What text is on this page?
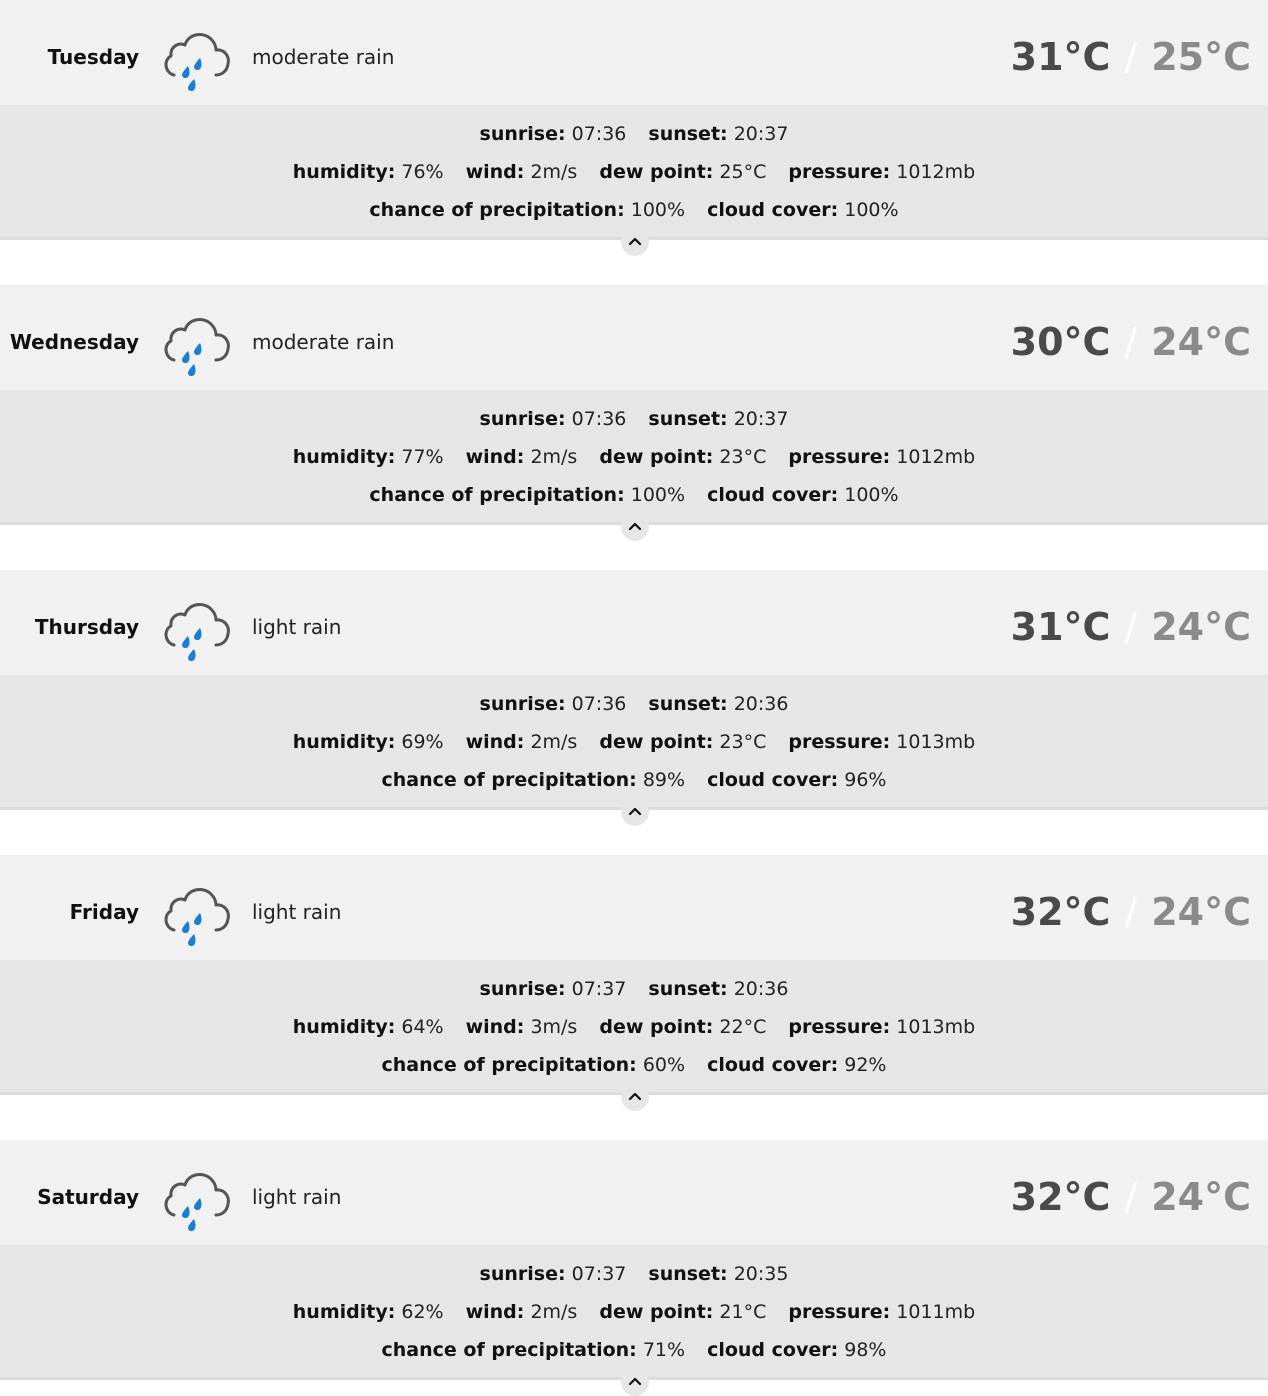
Tuesday	moderate rain	31°C / 25°C
sunrise: 07:36 sunset: 20:37
humidity: 76% wind: 2m/s dew point: 25°C pressure: 1012mb
chance of precipitation: 100% cloud cover: 100%
Wednesday	moderate rain	30°C / 24°C
sunrise: 07:36 sunset: 20:37
humidity: 77% wind: 2m/s dew point: 23°C pressure: 1012mb
chance of precipitation: 100% cloud cover: 100%
Thursday	light rain	31°C / 24°C
sunrise: 07:36 sunset: 20:36
humidity: 69% wind: 2m/s dew point: 23°C pressure: 1013mb
chance of precipitation: 89% cloud cover: 96%
Friday	light rain	32°C / 24°C
sunrise: 07:37 sunset: 20:36
humidity: 64% wind: 3m/s dew point: 22°C pressure: 1013mb
chance of precipitation: 60% cloud cover: 92%
Saturday	light rain	32°C / 24°C
sunrise: 07:37 sunset: 20:35
humidity: 62% wind: 2m/s dew point: 21°C pressure: 1011mb
chance of precipitation: 71% cloud cover: 98%
